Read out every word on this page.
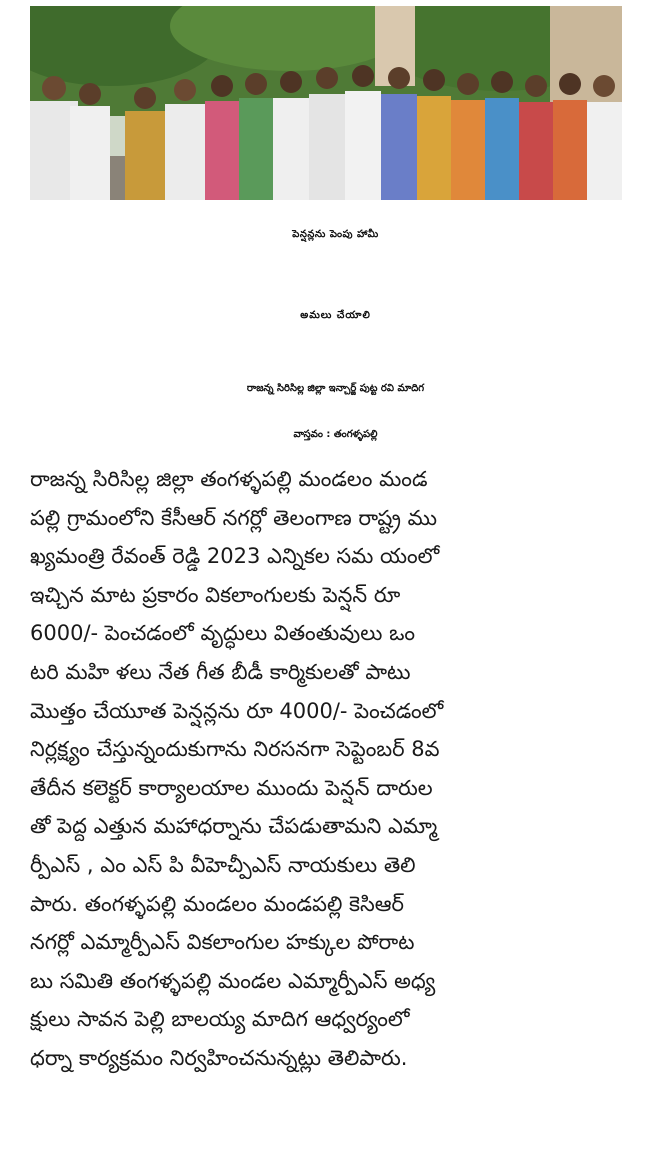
పెన్షన్లను పెంపు హామీ
అమలు చేయాలి
రాజన్న సిరిసిల్ల జిల్లా ఇన్చార్జ్ పుట్ట రవి మాదిగ
వాస్తవం : తంగళ్ళపల్లి
రాజన్న సిరిసిల్ల జిల్లా తంగళ్ళపల్లి మండలం మండ
పల్లి గ్రామంలోని కేసీఆర్ నగర్లో తెలంగాణ రాష్ట్ర ము
ఖ్యమంత్రి రేవంత్ రెడ్డి 2023 ఎన్నికల సమ యంలో
ఇచ్చిన మాట ప్రకారం వికలాంగులకు పెన్షన్ రూ
6000/- పెంచడంలో వృద్ధులు వితంతువులు ఒం
టరి మహి ళలు నేత గీత బీడీ కార్మికులతో పాటు
మొత్తం చేయూత పెన్షన్లను రూ 4000/- పెంచడంలో
నిర్లక్ష్యం చేస్తున్నందుకుగాను నిరసనగా సెప్టెంబర్ 8వ
తేదీన కలెక్టర్ కార్యాలయాల ముందు పెన్షన్ దారుల
తో పెద్ద ఎత్తున మహాధర్నాను చేపడుతామని ఎమ్మా
ర్పీఎస్ , ఎం ఎస్ పి వీహెచ్పీఎస్ నాయకులు తెలి
పారు. తంగళ్ళపల్లి మండలం మండపల్లి కెసిఆర్
నగర్లో ఎమ్మార్పీఎస్ వికలాంగుల హక్కుల పోరాట
బు సమితి తంగళ్ళపల్లి మండల ఎమ్మార్పీఎస్ అధ్య
క్షులు సావన పెల్లి బాలయ్య మాదిగ ఆధ్వర్యంలో
ధర్నా కార్యక్రమం నిర్వహించనున్నట్లు తెలిపారు.
